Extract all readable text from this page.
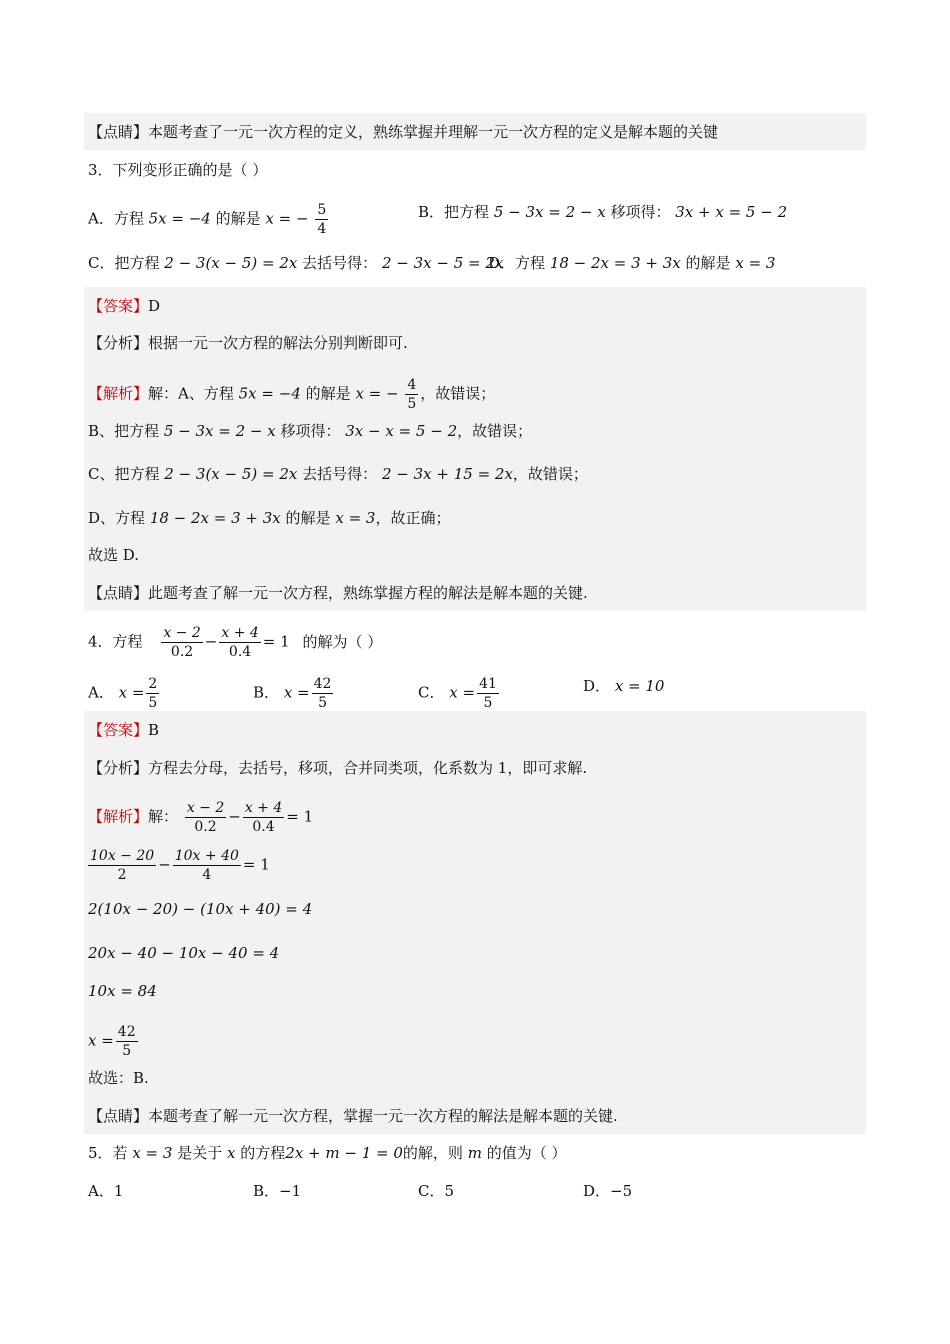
【点睛】本题考查了一元一次方程的定义，熟练掌握并理解一元一次方程的定义是解本题的关键
3．下列变形正确的是（ ）
A．方程 5x = −4 的解是 x = − $\frac{5}{4}$	B．把方程 5 − 3x = 2 − x 移项得： 3x + x = 5 − 2
C．把方程 2 − 3(x − 5) = 2x 去括号得： 2 − 3x − 5 = 2x
D．方程 18 − 2x = 3 + 3x 的解是 x = 3
【答案】D
【分析】根据一元一次方程的解法分别判断即可.
【解析】解：A、方程 5x = −4 的解是 x = − $\frac{4}{5}$ ，故错误；
B、把方程 5 − 3x = 2 − x 移项得： 3x − x = 5 − 2，故错误；
C、把方程 2 − 3(x − 5) = 2x 去括号得： 2 − 3x + 15 = 2x，故错误；
D、方程 18 − 2x = 3 + 3x 的解是 x = 3，故正确；
故选 D.
【点睛】此题考查了解一元一次方程，熟练掌握方程的解法是解本题的关键.
4．方程 $\frac{x - 2}{0.2} - \frac{x + 4}{0.4} = 1$ 的解为（ ）
A． $x = \frac{2}{5}$	B． $x = \frac{42}{5}$	C． $x = \frac{41}{5}$	D． x = 10
【答案】B
【分析】方程去分母，去括号，移项，合并同类项，化系数为 1，即可求解.
【解析】解： $\frac{x - 2}{0.2} - \frac{x + 4}{0.4} = 1$
$\frac{10x - 20}{2} - \frac{10x + 40}{4} = 1$
2(10x − 20) − (10x + 40) = 4
20x − 40 − 10x − 40 = 4
10x = 84
$x = \frac{42}{5}$
故选：B.
【点睛】本题考查了解一元一次方程，掌握一元一次方程的解法是解本题的关键.
5．若 x = 3 是关于 x 的方程2x + m − 1 = 0的解，则 m 的值为（ ）
A．1	B．−1	C．5	D．−5
